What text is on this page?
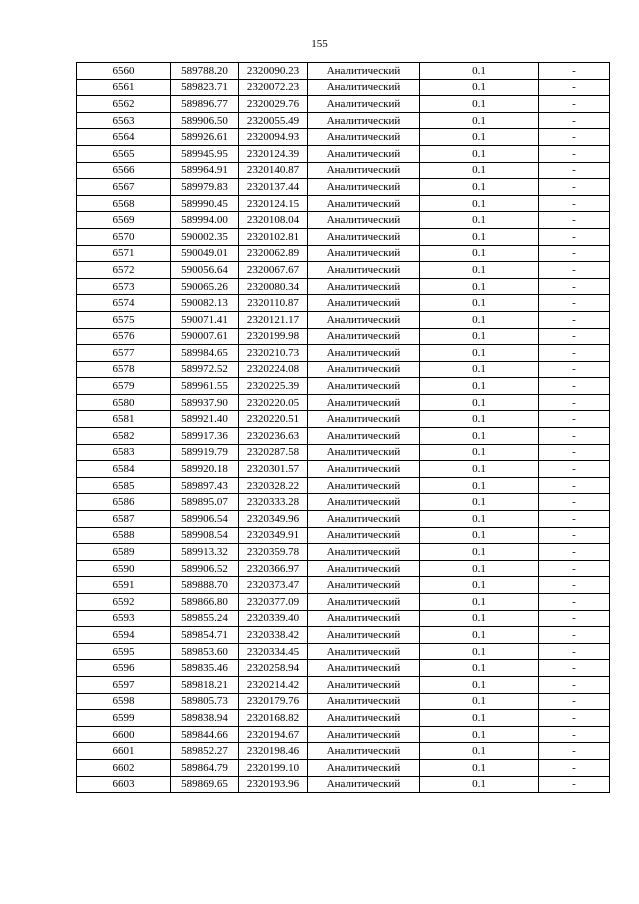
155
6560	589788.20	2320090.23	Аналитический	0.1	-
6561	589823.71	2320072.23	Аналитический	0.1	-
6562	589896.77	2320029.76	Аналитический	0.1	-
6563	589906.50	2320055.49	Аналитический	0.1	-
6564	589926.61	2320094.93	Аналитический	0.1	-
6565	589945.95	2320124.39	Аналитический	0.1	-
6566	589964.91	2320140.87	Аналитический	0.1	-
6567	589979.83	2320137.44	Аналитический	0.1	-
6568	589990.45	2320124.15	Аналитический	0.1	-
6569	589994.00	2320108.04	Аналитический	0.1	-
6570	590002.35	2320102.81	Аналитический	0.1	-
6571	590049.01	2320062.89	Аналитический	0.1	-
6572	590056.64	2320067.67	Аналитический	0.1	-
6573	590065.26	2320080.34	Аналитический	0.1	-
6574	590082.13	2320110.87	Аналитический	0.1	-
6575	590071.41	2320121.17	Аналитический	0.1	-
6576	590007.61	2320199.98	Аналитический	0.1	-
6577	589984.65	2320210.73	Аналитический	0.1	-
6578	589972.52	2320224.08	Аналитический	0.1	-
6579	589961.55	2320225.39	Аналитический	0.1	-
6580	589937.90	2320220.05	Аналитический	0.1	-
6581	589921.40	2320220.51	Аналитический	0.1	-
6582	589917.36	2320236.63	Аналитический	0.1	-
6583	589919.79	2320287.58	Аналитический	0.1	-
6584	589920.18	2320301.57	Аналитический	0.1	-
6585	589897.43	2320328.22	Аналитический	0.1	-
6586	589895.07	2320333.28	Аналитический	0.1	-
6587	589906.54	2320349.96	Аналитический	0.1	-
6588	589908.54	2320349.91	Аналитический	0.1	-
6589	589913.32	2320359.78	Аналитический	0.1	-
6590	589906.52	2320366.97	Аналитический	0.1	-
6591	589888.70	2320373.47	Аналитический	0.1	-
6592	589866.80	2320377.09	Аналитический	0.1	-
6593	589855.24	2320339.40	Аналитический	0.1	-
6594	589854.71	2320338.42	Аналитический	0.1	-
6595	589853.60	2320334.45	Аналитический	0.1	-
6596	589835.46	2320258.94	Аналитический	0.1	-
6597	589818.21	2320214.42	Аналитический	0.1	-
6598	589805.73	2320179.76	Аналитический	0.1	-
6599	589838.94	2320168.82	Аналитический	0.1	-
6600	589844.66	2320194.67	Аналитический	0.1	-
6601	589852.27	2320198.46	Аналитический	0.1	-
6602	589864.79	2320199.10	Аналитический	0.1	-
6603	589869.65	2320193.96	Аналитический	0.1	-
